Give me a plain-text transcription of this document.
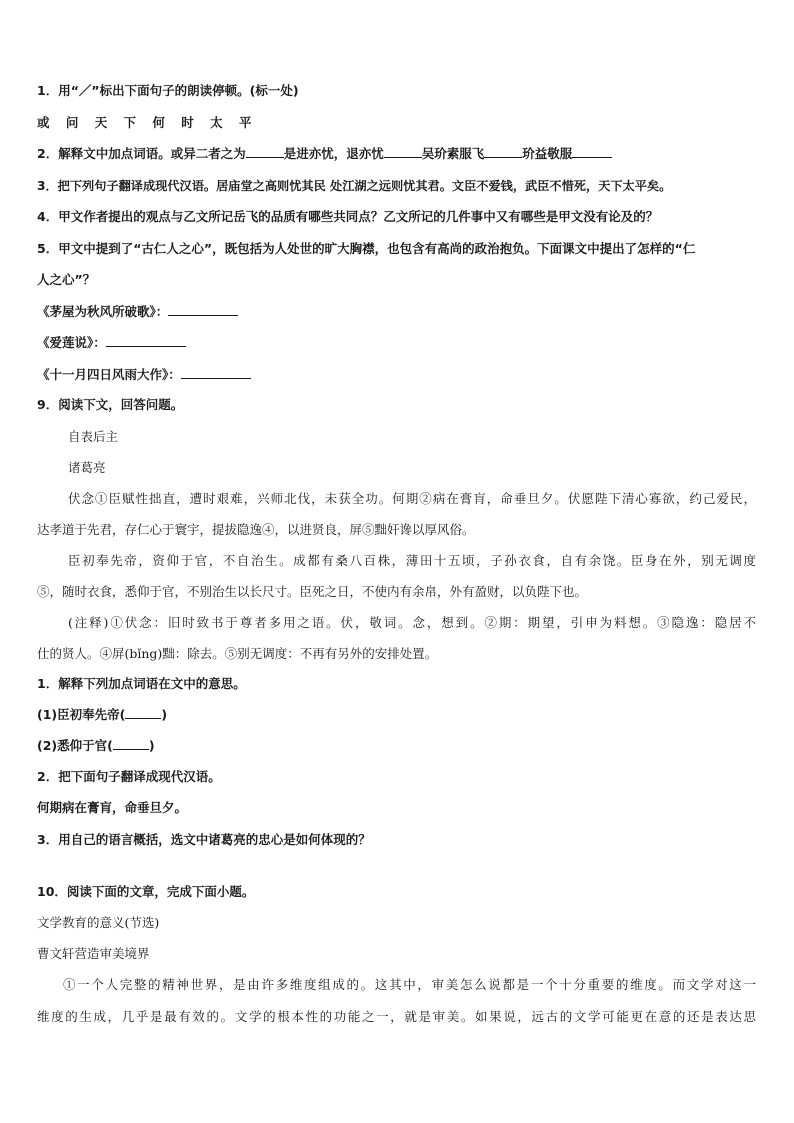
1．用“／”标出下面句子的朗读停顿。(标一处)

或 问 天 下 何 时 太 平

2．解释文中加点词语。或异二者之为	是进亦忧，退亦忧	吴玠素服飞	玠益敬服

3．把下列句子翻译成现代汉语。居庙堂之高则忧其民 处江湖之远则忧其君。文臣不爱钱，武臣不惜死，天下太平矣。

4．甲文作者提出的观点与乙文所记岳飞的品质有哪些共同点？乙文所记的几件事中又有哪些是甲文没有论及的？

5．甲文中提到了“古仁人之心”，既包括为人处世的旷大胸襟，也包含有高尚的政治抱负。下面课文中提出了怎样的“仁

人之心”？

《茅屋为秋风所破歌》：

《爱莲说》：

《十一月四日风雨大作》：

9．阅读下文，回答问题。

自表后主

诸葛亮

伏念①臣赋性拙直，遭时艰难，兴师北伐，未获全功。何期②病在膏肓，命垂旦夕。伏愿陛下清心寡欲，约己爱民，

达孝道于先君，存仁心于寰宇，提拔隐逸④，以进贤良，屏⑤黜奸谗以厚风俗。

臣初奉先帝，资仰于官，不自治生。成都有桑八百株，薄田十五顷，子孙衣食，自有余饶。臣身在外，别无调度

⑤，随时衣食，悉仰于官，不别治生以长尺寸。臣死之日，不使内有余帛，外有盈财，以负陛下也。

(注释)①伏念：旧时致书于尊者多用之语。伏，敬词。念，想到。②期：期望，引申为料想。③隐逸：隐居不

仕的贤人。④屏(bǐng)黜：除去。⑤别无调度：不再有另外的安排处置。

1．解释下列加点词语在文中的意思。

(1)臣初奉先帝(	)

(2)悉仰于官(	)

2．把下面句子翻译成现代汉语。

何期病在膏肓，命垂旦夕。

3．用自己的语言概括，选文中诸葛亮的忠心是如何体现的？

10．阅读下面的文章，完成下面小题。

文学教育的意义(节选)

曹文轩营造审美境界

①一个人完整的精神世界，是由许多维度组成的。这其中，审美怎么说都是一个十分重要的维度。而文学对这一

维度的生成，几乎是最有效的。文学的根本性的功能之一，就是审美。如果说，远古的文学可能更在意的还是表达思
